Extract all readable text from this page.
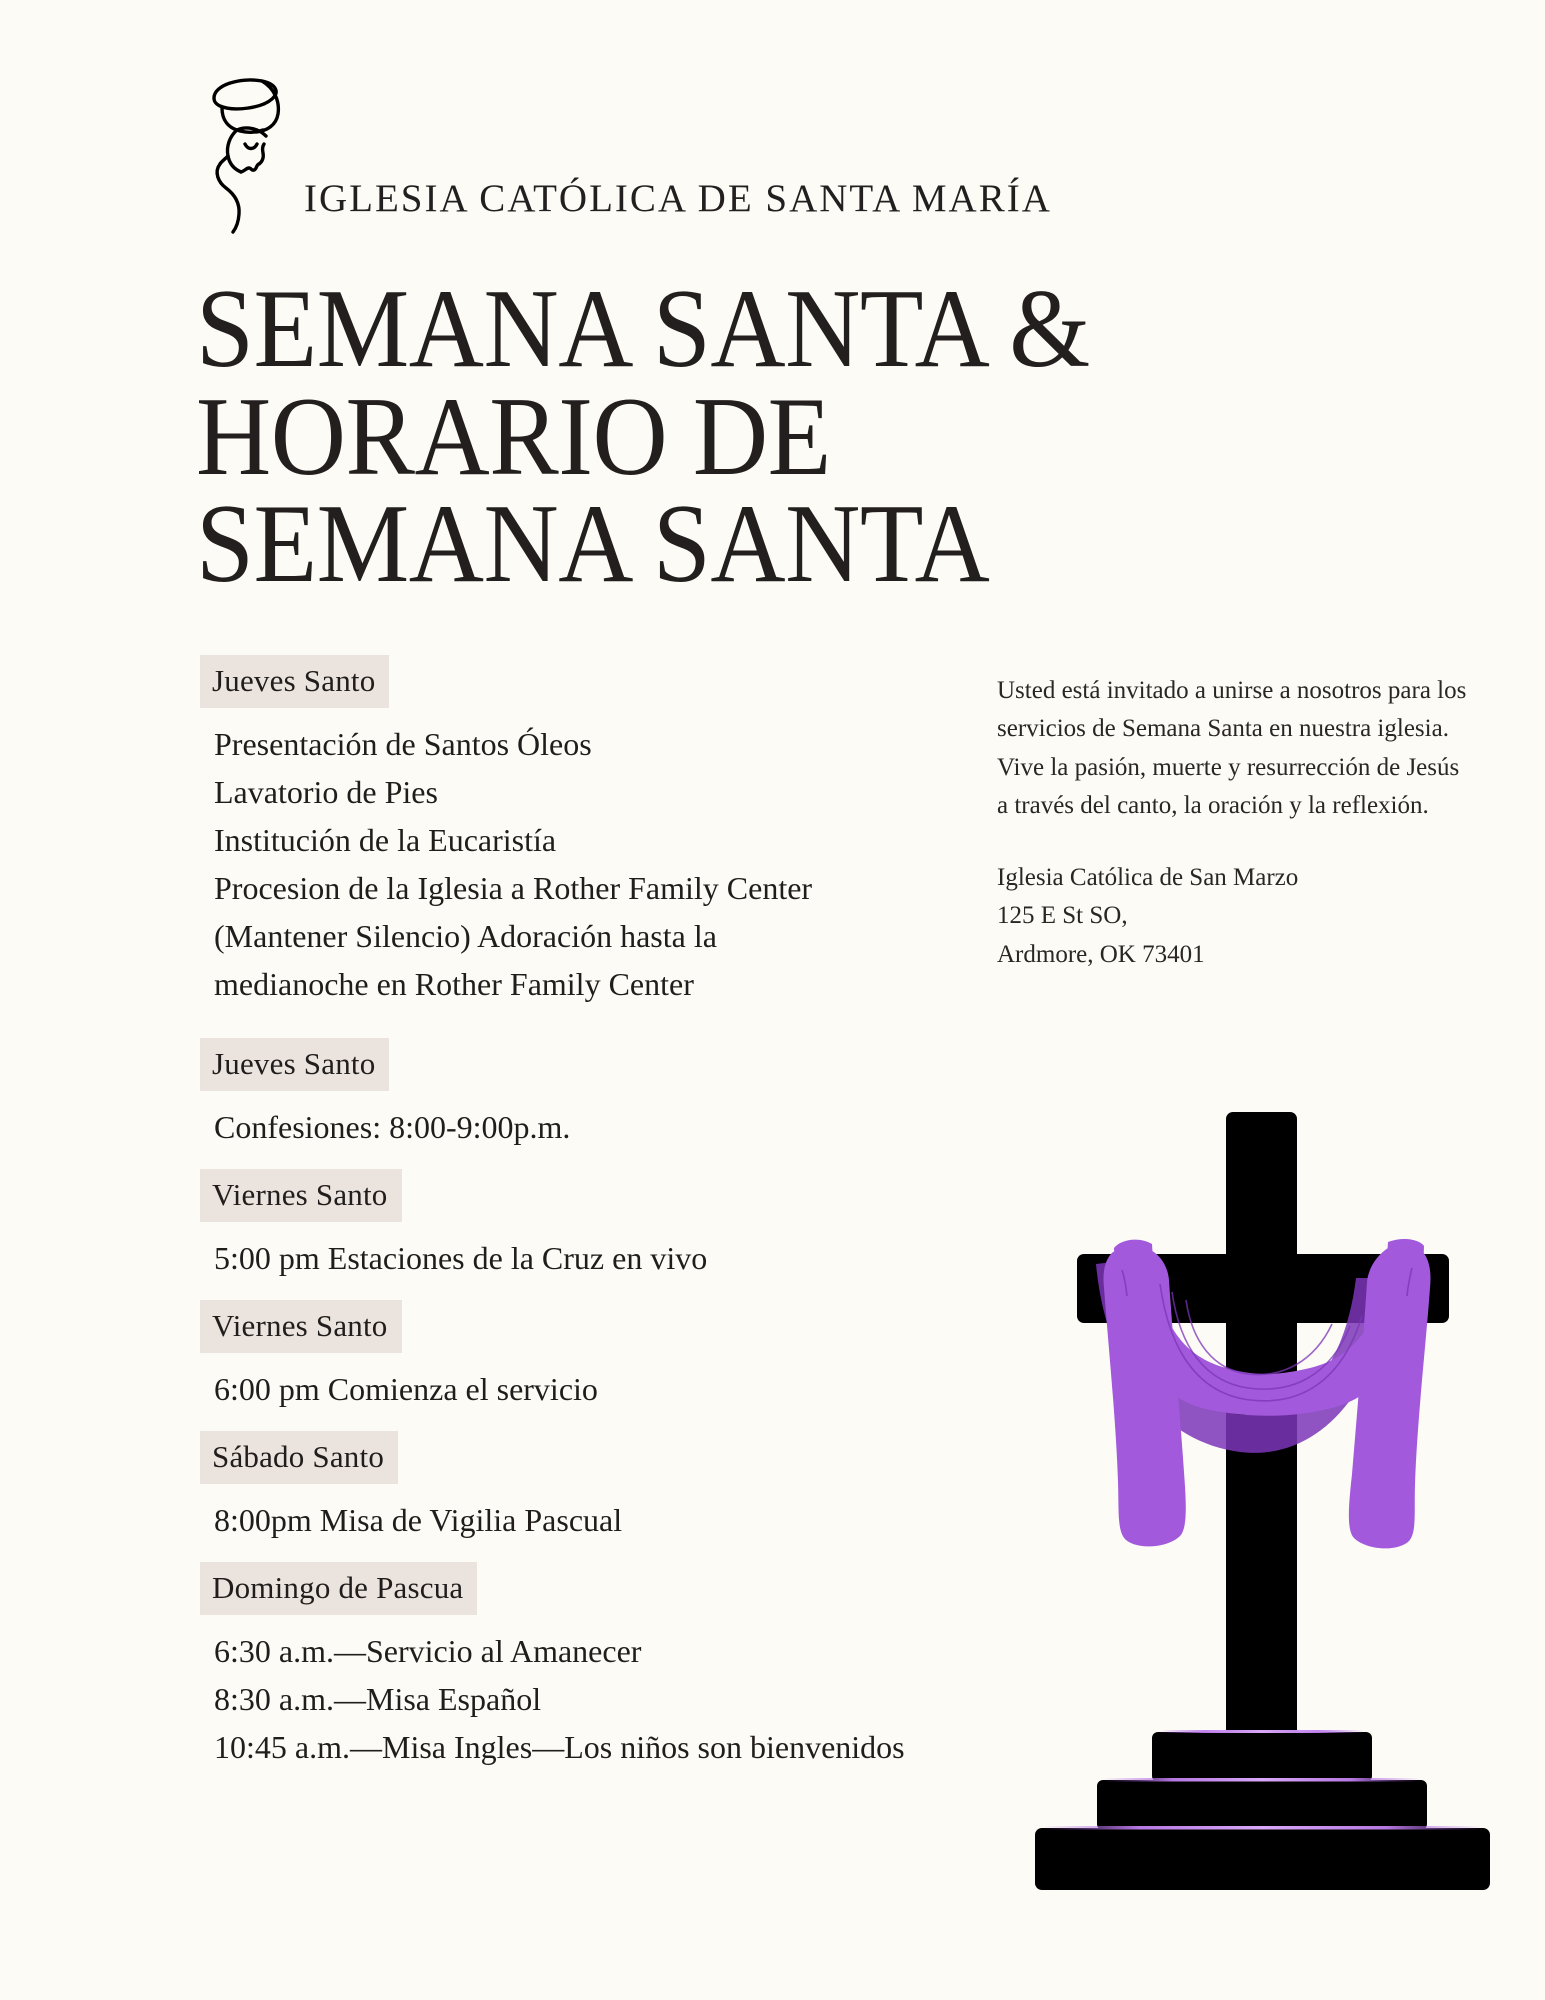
IGLESIA CATÓLICA DE SANTA MARÍA
SEMANA SANTA &
HORARIO DE
SEMANA SANTA
Jueves Santo
Presentación de Santos Óleos
Lavatorio de Pies
Institución de la Eucaristía
Procesion de la Iglesia a Rother Family Center
(Mantener Silencio) Adoración hasta la
medianoche en Rother Family Center
Jueves Santo
Confesiones: 8:00-9:00p.m.
Viernes Santo
5:00 pm Estaciones de la Cruz en vivo
Viernes Santo
6:00 pm Comienza el servicio
Sábado Santo
8:00pm Misa de Vigilia Pascual
Domingo de Pascua
6:30 a.m.—Servicio al Amanecer
8:30 a.m.—Misa Español
10:45 a.m.—Misa Ingles—Los niños son bienvenidos

Usted está invitado a unirse a nosotros para los servicios de Semana Santa en nuestra iglesia. Vive la pasión, muerte y resurrección de Jesús a través del canto, la oración y la reflexión.

Iglesia Católica de San Marzo
125 E St SO,
Ardmore, OK 73401
